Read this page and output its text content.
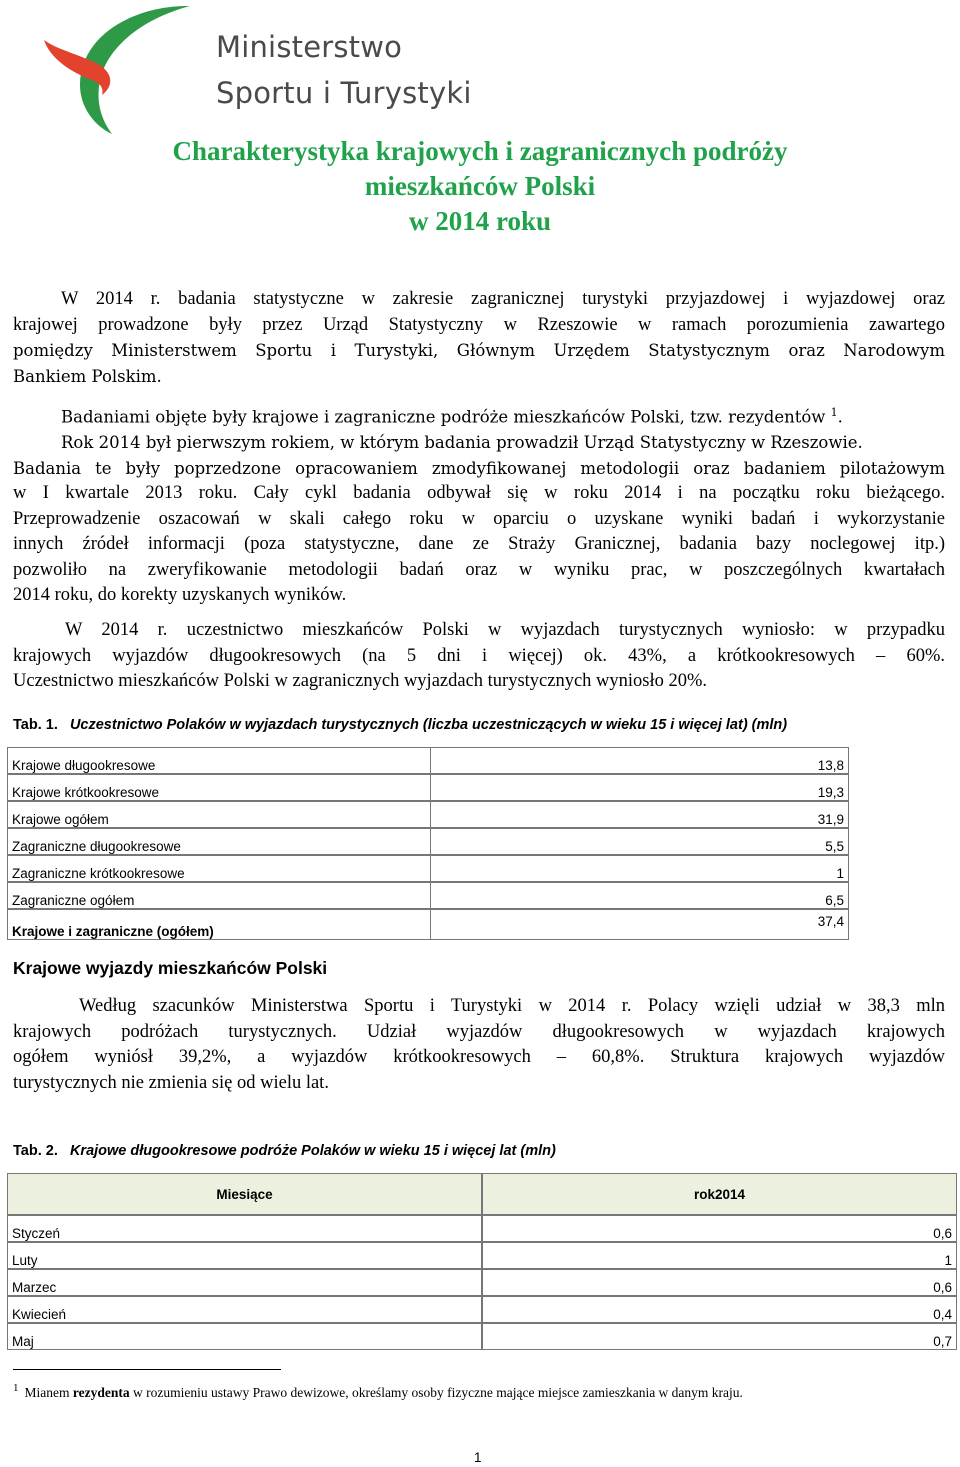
Ministerstwo
Sportu i Turystyki
Charakterystyka krajowych i zagranicznych podróży
mieszkańców Polski
w 2014 roku
W 2014 r. badania statystyczne w zakresie zagranicznej turystyki przyjazdowej i wyjazdowej oraz
krajowej prowadzone były przez Urząd Statystyczny w Rzeszowie w ramach porozumienia zawartego
pomiędzy Ministerstwem Sportu i Turystyki, Głównym Urzędem Statystycznym oraz Narodowym
Bankiem Polskim.
Badaniami objęte były krajowe i zagraniczne podróże mieszkańców Polski, tzw. rezydentów $^1$.
Rok 2014 był pierwszym rokiem, w którym badania prowadził Urząd Statystyczny w Rzeszowie.
Badania te były poprzedzone opracowaniem zmodyfikowanej metodologii oraz badaniem pilotażowym
w I kwartale 2013 roku. Cały cykl badania odbywał się w roku 2014 i na początku roku bieżącego.
Przeprowadzenie oszacowań w skali całego roku w oparciu o uzyskane wyniki badań i wykorzystanie
innych źródeł informacji (poza statystyczne, dane ze Straży Granicznej, badania bazy noclegowej itp.)
pozwoliło na zweryfikowanie metodologii badań oraz w wyniku prac, w poszczególnych kwartałach
2014 roku, do korekty uzyskanych wyników.
W 2014 r. uczestnictwo mieszkańców Polski w wyjazdach turystycznych wyniosło: w przypadku
krajowych wyjazdów długookresowych (na 5 dni i więcej) ok. 43%, a krótkookresowych – 60%.
Uczestnictwo mieszkańców Polski w zagranicznych wyjazdach turystycznych wyniosło 20%.
Tab. 1. Uczestnictwo Polaków w wyjazdach turystycznych (liczba uczestniczących w wieku 15 i więcej lat) (mln)
Krajowe długookresowe		13,8
Krajowe krótkookresowe		19,3
Krajowe ogółem		31,9
Zagraniczne długookresowe		5,5
Zagraniczne krótkookresowe		1
Zagraniczne ogółem		6,5
Krajowe i zagraniczne (ogółem)		37,4
Krajowe wyjazdy mieszkańców Polski
Według szacunków Ministerstwa Sportu i Turystyki w 2014 r. Polacy wzięli udział w 38,3 mln
krajowych podróżach turystycznych. Udział wyjazdów długookresowych w wyjazdach krajowych
ogółem wyniósł 39,2%, a wyjazdów krótkookresowych – 60,8%. Struktura krajowych wyjazdów
turystycznych nie zmienia się od wielu lat.
Tab. 2. Krajowe długookresowe podróże Polaków w wieku 15 i więcej lat (mln)
Miesiące	rok2014
Styczeń	0,6
Luty	1
Marzec	0,6
Kwiecień	0,4
Maj	0,7
$^1$ Mianem rezydenta w rozumieniu ustawy Prawo dewizowe, określamy osoby fizyczne mające miejsce zamieszkania w danym kraju.
1
